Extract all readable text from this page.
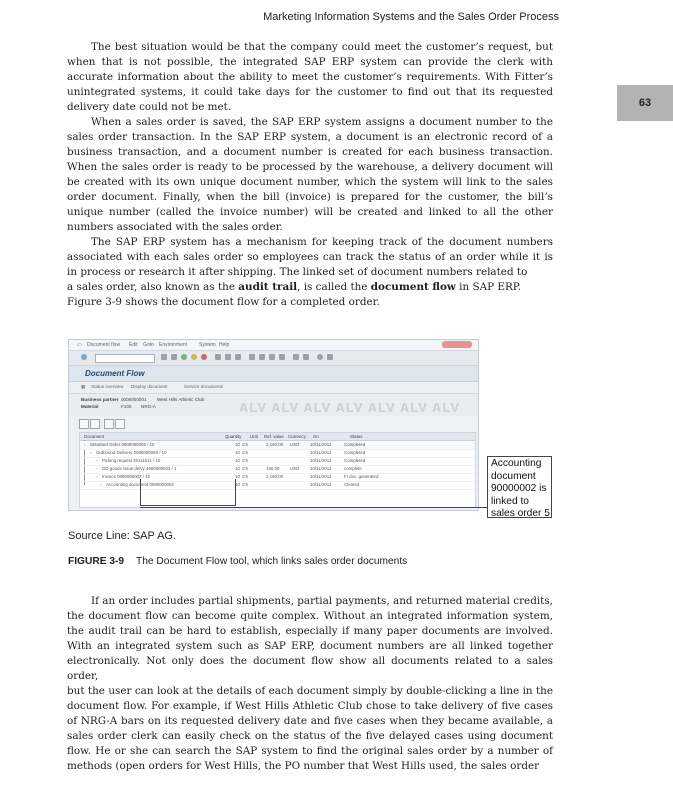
Marketing Information Systems and the Sales Order Process
63

The best situation would be that the company could meet the customer’s request, but

when that is not possible, the integrated SAP ERP system can provide the clerk with

accurate information about the ability to meet the customer’s requirements. With Fitter’s

unintegrated systems, it could take days for the customer to find out that its requested

delivery date could not be met.

When a sales order is saved, the SAP ERP system assigns a document number to the

sales order transaction. In the SAP ERP system, a document is an electronic record of a

business transaction, and a document number is created for each business transaction.

When the sales order is ready to be processed by the warehouse, a delivery document will

be created with its own unique document number, which the system will link to the sales

order document. Finally, when the bill (invoice) is prepared for the customer, the bill’s

unique number (called the invoice number) will be created and linked to all the other

numbers associated with the sales order.

The SAP ERP system has a mechanism for keeping track of the document numbers

associated with each sales order so employees can track the status of an order while it is

in process or research it after shipping. The linked set of document numbers related to

a sales order, also known as the audit trail, is called the document flow in SAP ERP.

Figure 3-9 shows the document flow for a completed order.

▭ Document flow Edit Goto Environment System Help
Document Flow
▦ Status overview Display document	Service documents
Business partner 0000000001 West Hills Athletic Club
Material	F100 NRG-A	ALV ALV ALV ALV ALV ALV ALV
Document	Quantity Unit Ref. value Currency On	Status
▫ Standard Order 0000000005 / 10	10 CS	2,160.00 USD 10/11/2011	Completed
▫ Outbound Delivery 0080000083 / 10	10 CS	10/11/2011	Completed
▫ Picking request 20111011 / 10	10 CS	10/11/2011	Completed
▫ GD goods issue:delvy 4900000033 / 1	10 CS	160.00 USD 10/11/2011	complete
▫ Invoice 0090000002 / 10	10 CS	2,160.00	10/11/2011	FI doc. generated
▫ Accounting document 0090000002	10 CS	10/11/2011	Cleared
Accounting
document
90000002 is
linked to
sales order 5
Source Line: SAP AG.
FIGURE 3-9 The Document Flow tool, which links sales order documents

If an order includes partial shipments, partial payments, and returned material credits,

the document flow can become quite complex. Without an integrated information system,

the audit trail can be hard to establish, especially if many paper documents are involved.

With an integrated system such as SAP ERP, document numbers are all linked together

electronically. Not only does the document flow show all documents related to a sales order,

but the user can look at the details of each document simply by double-clicking a line in the

document flow. For example, if West Hills Athletic Club chose to take delivery of five cases

of NRG-A bars on its requested delivery date and five cases when they became available, a

sales order clerk can easily check on the status of the five delayed cases using document

flow. He or she can search the SAP system to find the original sales order by a number of

methods (open orders for West Hills, the PO number that West Hills used, the sales order
